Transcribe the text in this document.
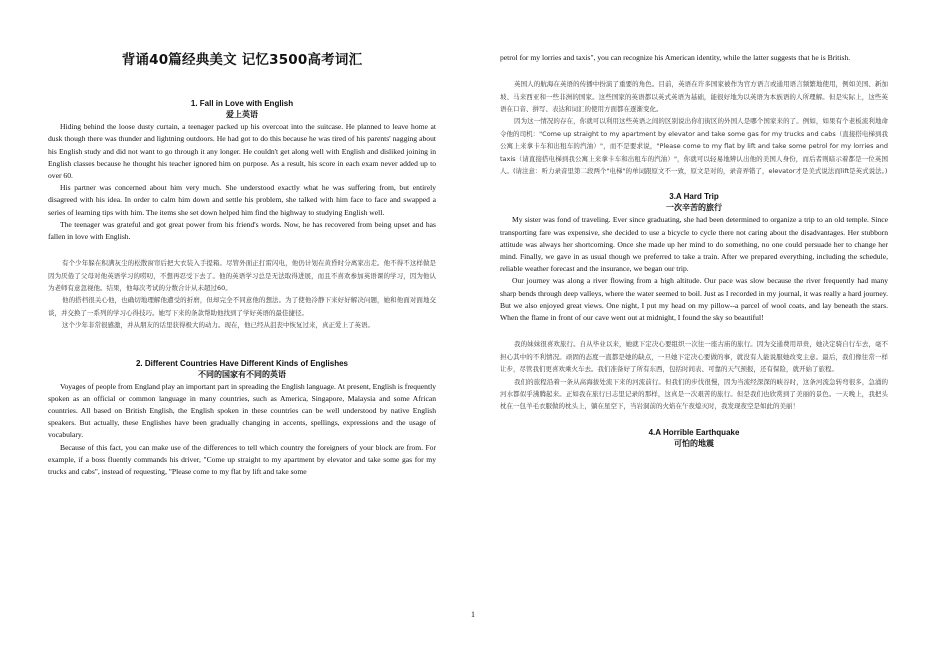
背诵40篇经典美文 记忆3500高考词汇
1. Fall in Love with English
爱上英语

Hiding behind the loose dusty curtain, a teenager packed up his overcoat into the suitcase. He planned to leave home at dusk though there was thunder and lightning outdoors. He had got to do this because he was tired of his parents' nagging about his English study and did not want to go through it any longer. He couldn't get along well with English and disliked joining in English classes because he thought his teacher ignored him on purpose. As a result, his score in each exam never added up to over 60.

His partner was concerned about him very much. She understood exactly what he was suffering from, but entirely disagreed with his idea. In order to calm him down and settle his problem, she talked with him face to face and swapped a series of learning tips with him. The items she set down helped him find the highway to studying English well.

The teenager was grateful and got great power from his friend's words. Now, he has recovered from being upset and has fallen in love with English.

有个少年躲在积满灰尘的松散窗帘后把大衣装入手提箱。尽管外面正打雷闪电，他仍计划在黄昏时分离家出走。他不得不这样做是因为厌倦了父母对他英语学习的唠叨，不想再忍受下去了。他的英语学习总是无法取得进展，而且不喜欢参加英语课的学习，因为他认为老师有意忽视他。结果，他每次考试的分数合计从未超过60。

他的搭档很关心他，也确切地理解他遭受的折磨，但却完全不同意他的想法。为了使他冷静下来好好解决问题，她和他面对面地交谈，并交换了一系列的学习心得技巧。她写下来的条款帮助他找到了学好英语的最佳捷径。

这个少年非常很感激，并从朋友的话里获得极大的动力。现在，他已经从沮丧中恢复过来，真正爱上了英语。

2. Different Countries Have Different Kinds of Englishes
不同的国家有不同的英语

Voyages of people from England play an important part in spreading the English language. At present, English is frequently spoken as an official or common language in many countries, such as America, Singapore, Malaysia and some African countries. All based on British English, the English spoken in these countries can be well understood by native English speakers. But actually, these Englishes have been gradually changing in accents, spellings, expressions and the usage of vocabulary.

Because of this fact, you can make use of the differences to tell which country the foreigners of your block are from. For example, if a boss fluently commands his driver, "Come up straight to my apartment by elevator and take some gas for my trucks and cabs", instead of requesting, "Please come to my flat by lift and take some

petrol for my lorries and taxis", you can recognize his American identity, while the latter suggests that he is British.

英国人的航海在英语的传播中扮演了重要的角色。目前，英语在许多国家被作为官方语言或通用语言频繁地使用，例如美国、新加坡、马来西亚和一些非洲的国家。这些国家的英语都以英式英语为基础，能很好地为以英语为本族语的人所理解。但是实际上，这些英语在口音、拼写、表达和词汇的使用方面都在逐渐变化。

因为这一情况的存在，你就可以利用这些英语之间的区别说出你们街区的外国人是哪个国家来的了。例如，如果有个老板流利地命令他的司机："Come up straight to my apartment by elevator and take some gas for my trucks and cabs（直接搭电梯到我公寓上来拿卡车和出租车的汽油）"，而不是要求说，"Please come to my flat by lift and take some petrol for my lorries and taxis（请直接搭电梯到我公寓上来拿卡车和出租车的汽油）"，你就可以轻易地辨认出他的美国人身份，而后者则暗示着都是一位英国人。(请注意：听力录音里第二段两个"电梯"的单词跟原文不一致，原文是对的，录音弄错了，elevator才是美式说法而lift是英式说法。)

3.A Hard Trip
一次辛苦的旅行

My sister was fond of traveling. Ever since graduating, she had been determined to organize a trip to an old temple. Since transporting fare was expensive, she decided to use a bicycle to cycle there not caring about the disadvantages. Her stubborn attitude was always her shortcoming. Once she made up her mind to do something, no one could persuade her to change her mind. Finally, we gave in as usual though we preferred to take a train. After we prepared everything, including the schedule, reliable weather forecast and the insurance, we began our trip.

Our journey was along a river flowing from a high altitude. Our pace was slow because the river frequently had many sharp bends through deep valleys, where the water seemed to boil. Just as I recorded in my journal, it was really a hard journey. But we also enjoyed great views. One night, I put my head on my pillow--a parcel of wool coats, and lay beneath the stars. When the flame in front of our cave went out at midnight, I found the sky so beautiful!

我的妹妹很喜欢旅行。自从毕业以来，她就下定决心要组织一次往一座古庙的旅行。因为交通费用昂贵，她决定骑自行车去，毫不担心其中的不利情况。顽固的态度一直都是她的缺点，一旦她下定决心要做的事，就没有人能说服她改变主意。最后，我们像往常一样让步，尽管我们更喜欢乘火车去。我们准备好了所有东西，包括时间表、可靠的天气预报，还有保险，就开始了旅程。

我们的旅程沿着一条从高海拔处流下来的河流前行。但我们的步伐很慢，因为当流经深深的峡谷时，这条河流急转弯很多，急涌的河水都似乎沸腾起来。正如我在旅行日志里记录的那样，这真是一次艰苦的旅行。但是我们也欣赏到了美丽的景色。一天晚上，我把头枕在一包羊毛衣服做的枕头上，躺在星空下，当岩洞前的火焰在午夜熄灭时，我发现夜空是如此的美丽！

4.A Horrible Earthquake
可怕的地震
1
